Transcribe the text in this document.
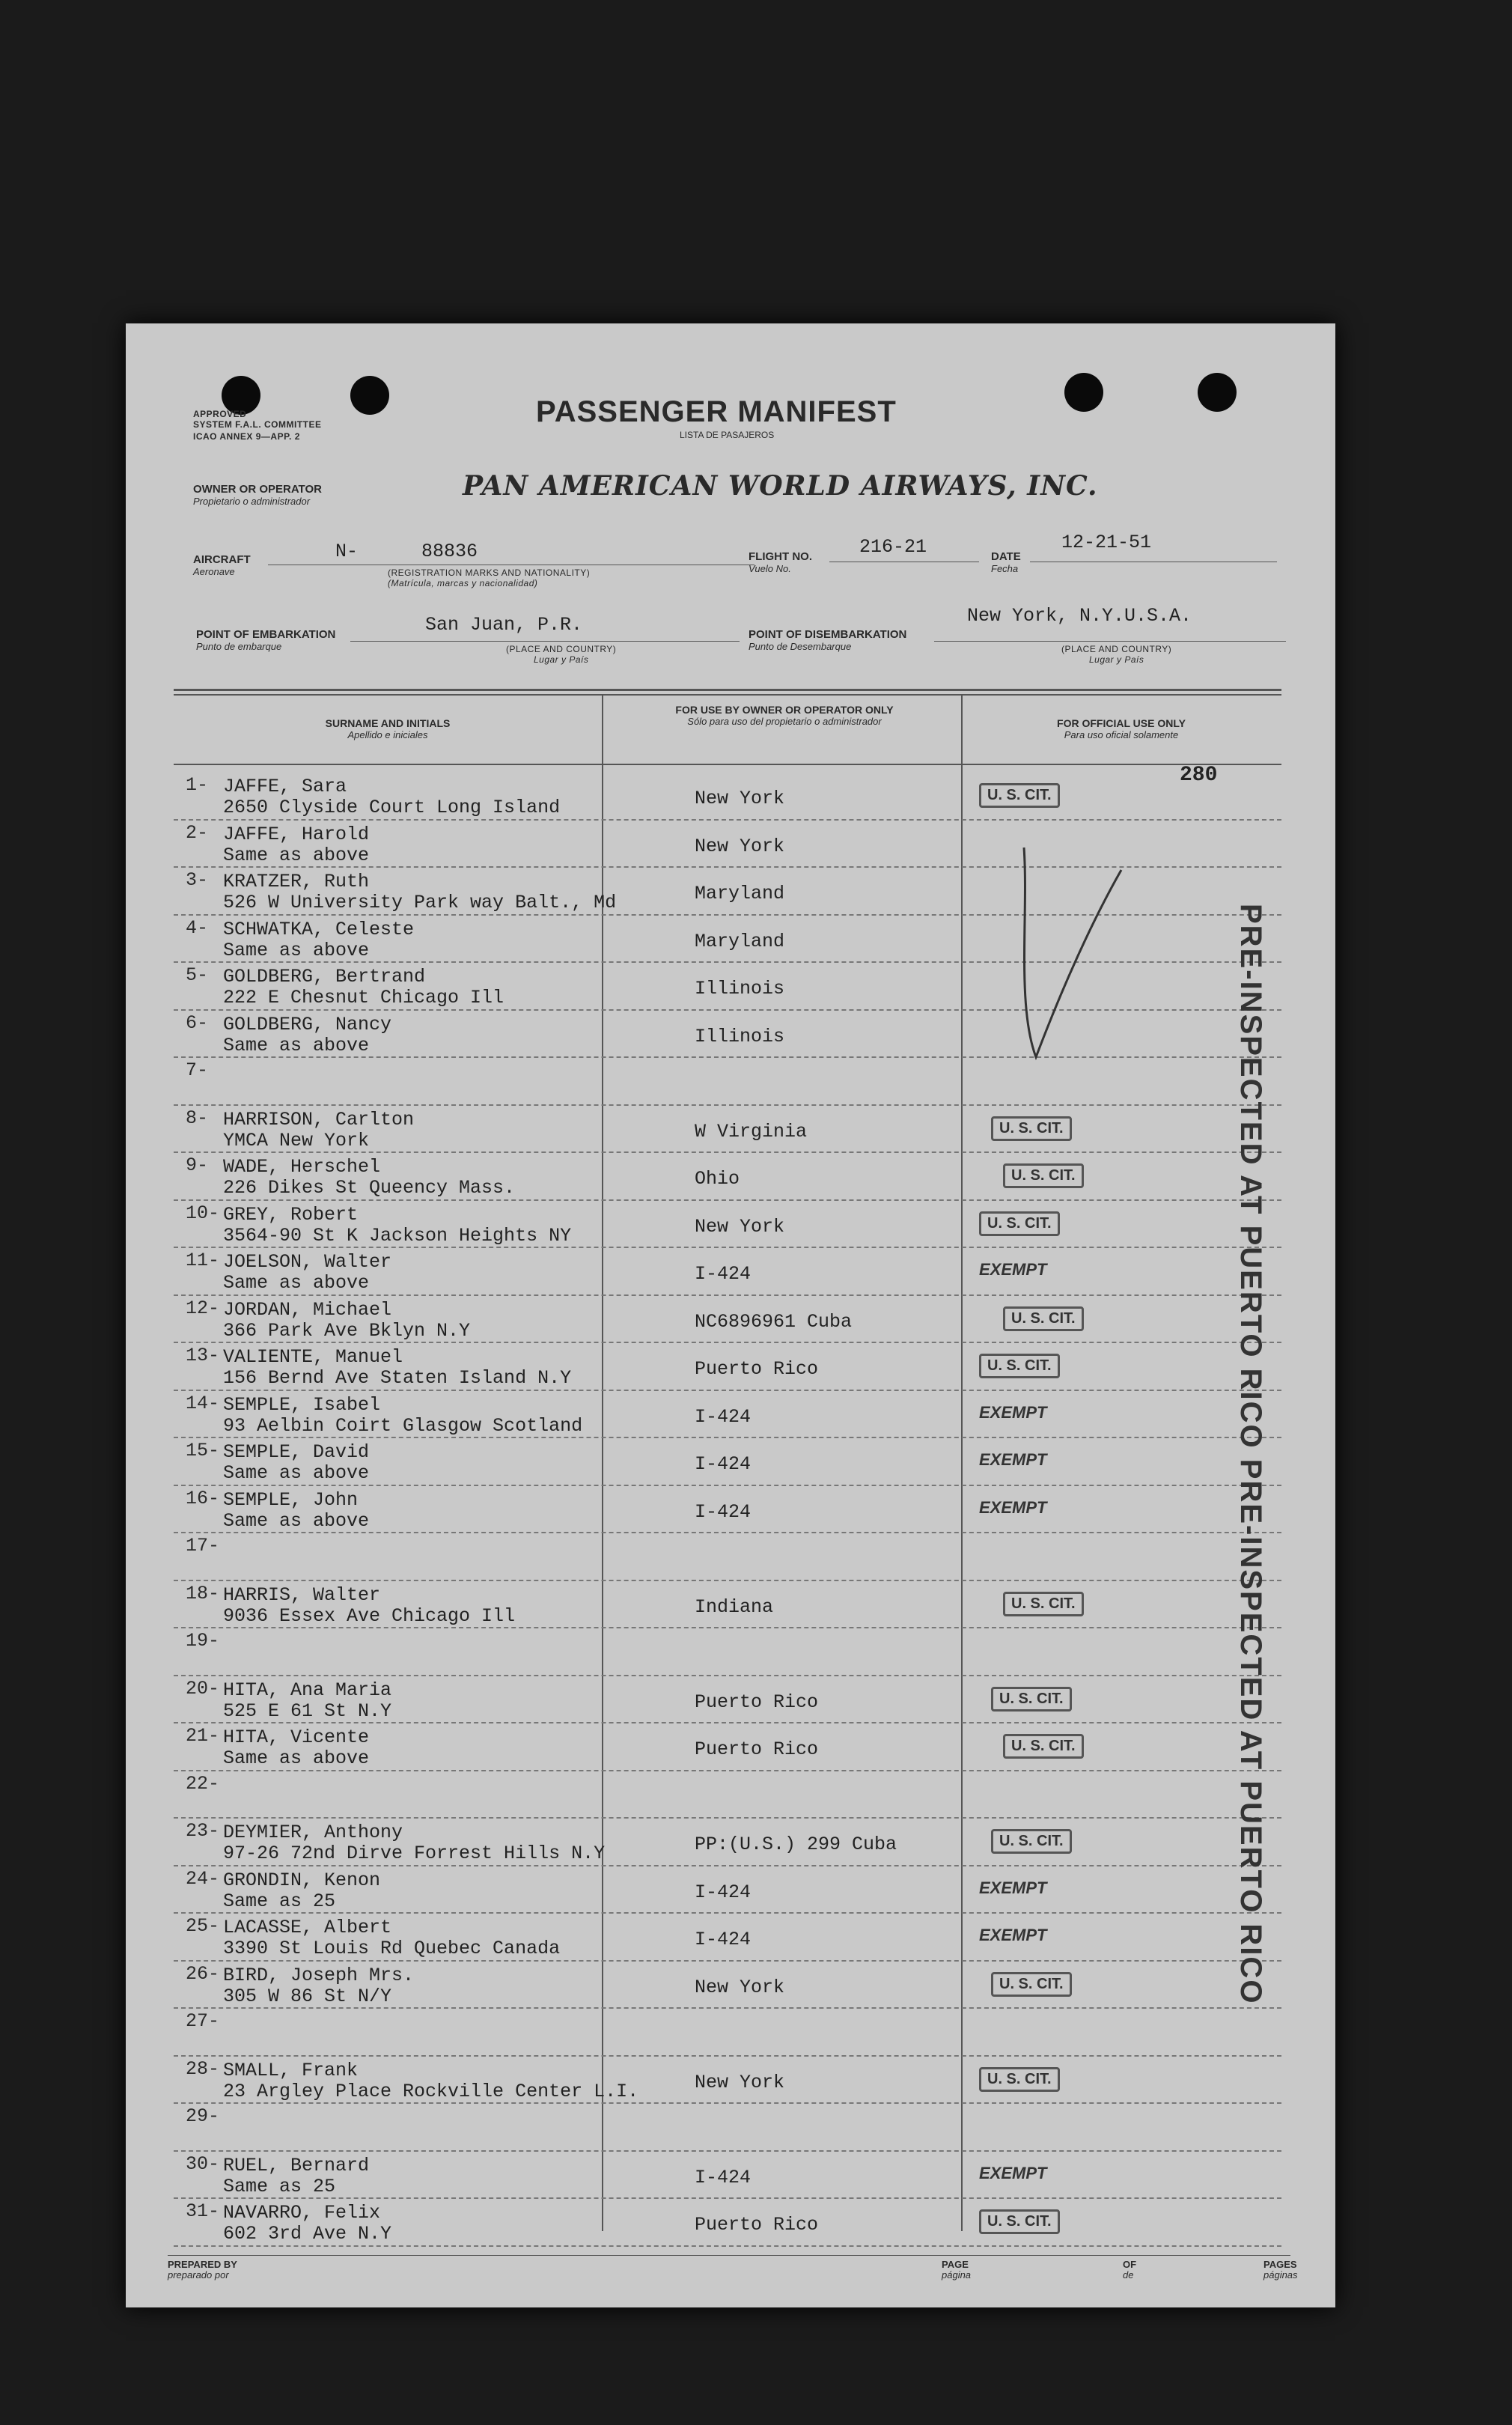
APPROVED
SYSTEM F.A.L. COMMITTEE
ICAO ANNEX 9—APP. 2
PASSENGER MANIFEST
LISTA DE PASAJEROS
OWNER OR OPERATOR
Propietario o administrador	PAN AMERICAN WORLD AIRWAYS, INC.
AIRCRAFT
Aeronave
N-	88836
(REGISTRATION MARKS AND NATIONALITY)
(Matrícula, marcas y nacionalidad)
FLIGHT NO.
Vuelo No.
216-21	DATE
Fecha
12-21-51
POINT OF EMBARKATION
Punto de embarque
San Juan, P.R.
(PLACE AND COUNTRY)
Lugar y País
POINT OF DISEMBARKATION
Punto de Desembarque
New York, N.Y.U.S.A.
(PLACE AND COUNTRY)
Lugar y País
SURNAME AND INITIALS
Apellido e iniciales
FOR USE BY OWNER OR OPERATOR ONLY
Sólo para uso del propietario o administrador	FOR OFFICIAL USE ONLY
Para uso oficial solamente
280
1- JAFFE, Sara
2650 Clyside Court Long Island	New York	U. S. CIT.
2- JAFFE, Harold
Same as above	New York
3- KRATZER, Ruth
526 W University Park way Balt., Md	Maryland
4- SCHWATKA, Celeste
Same as above	Maryland
5- GOLDBERG, Bertrand
222 E Chesnut Chicago Ill	Illinois
6- GOLDBERG, Nancy
Same as above	Illinois
7-
8- HARRISON, Carlton
YMCA New York	W Virginia	U. S. CIT.
9- WADE, Herschel
226 Dikes St Queency Mass.	Ohio	U. S. CIT.
10- GREY, Robert
3564-90 St K Jackson Heights NY	New York	U. S. CIT.
11- JOELSON, Walter
Same as above	I-424	EXEMPT
12- JORDAN, Michael
366 Park Ave Bklyn N.Y	NC6896961 Cuba	U. S. CIT.
13- VALIENTE, Manuel
156 Bernd Ave Staten Island N.Y	Puerto Rico	U. S. CIT.
14- SEMPLE, Isabel
93 Aelbin Coirt Glasgow Scotland	I-424	EXEMPT
15- SEMPLE, David
Same as above	I-424	EXEMPT
16- SEMPLE, John
Same as above	I-424	EXEMPT
17-
18- HARRIS, Walter
9036 Essex Ave Chicago Ill	Indiana	U. S. CIT.
19-
20- HITA, Ana Maria
525 E 61 St N.Y	Puerto Rico	U. S. CIT.
21- HITA, Vicente
Same as above	Puerto Rico	U. S. CIT.
22-
23- DEYMIER, Anthony
97-26 72nd Dirve Forrest Hills N.Y	PP:(U.S.) 299 Cuba	U. S. CIT.
24- GRONDIN, Kenon
Same as 25	I-424	EXEMPT
25- LACASSE, Albert
3390 St Louis Rd Quebec Canada	I-424	EXEMPT
26- BIRD, Joseph Mrs.
305 W 86 St N/Y	New York	U. S. CIT.
27-
28- SMALL, Frank
23 Argley Place Rockville Center L.I.	New York	U. S. CIT.
29-
30- RUEL, Bernard
Same as 25	I-424	EXEMPT
31- NAVARRO, Felix
602 3rd Ave N.Y	Puerto Rico	U. S. CIT.
PRE-INSPECTED AT PUERTO RICO PRE-INSPECTED AT PUERTO RICO
PREPARED BY
preparado por
PAGE
página
OF
de
PAGES
páginas
